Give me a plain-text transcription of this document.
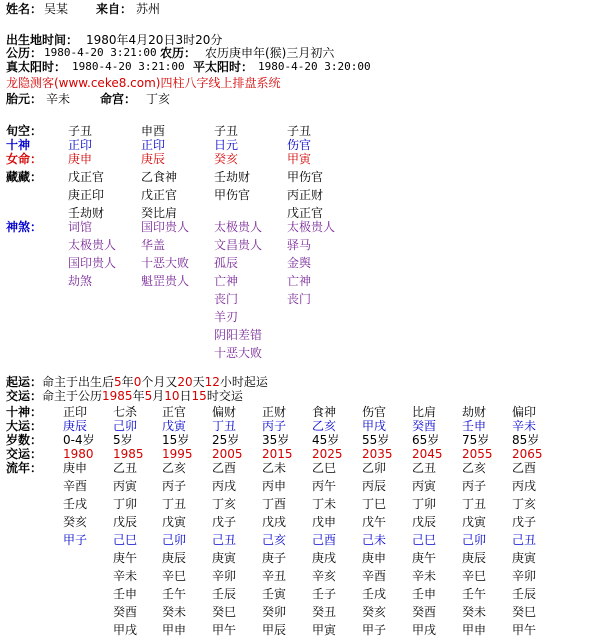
姓名： 吴某 来自： 苏州
出生地时间： 1980年4月20日3时20分
公历： 1980-4-20 3:21:00 农历： 农历庚申年(猴)三月初六
真太阳时： 1980-4-20 3:21:00 平太阳时： 1980-4-20 3:20:00
龙隐测客(www.ceke8.com)四柱八字线上排盘系统
胎元： 辛未 命宫： 丁亥
旬空：
十神
女命：
藏藏：
神煞：
子丑
正印
庚申
戊正官
庚正印
壬劫财
词馆
太极贵人
国印贵人
劫煞
申酉
正印
庚辰
乙食神
戊正官
癸比肩
国印贵人
华盖
十恶大败
魁罡贵人
子丑
日元
癸亥
壬劫财
甲伤官
太极贵人
文昌贵人
孤辰
亡神
丧门
羊刃
阴阳差错
十恶大败
子丑
伤官
甲寅
甲伤官
丙正财
戊正官
太极贵人
驿马
金舆
亡神
丧门
起运：命主于出生后5年0个月又20天12小时起运
交运：命主于公历1985年5月10日15时交运
十神：
大运：
岁数：
交运：
流年：
正印
庚辰
0-4岁
1980
庚申
辛酉
壬戌
癸亥
甲子
七杀
己卯
5岁
1985
乙丑
丙寅
丁卯
戊辰
己巳
庚午
辛未
壬申
癸酉
甲戌
正官
戊寅
15岁
1995
乙亥
丙子
丁丑
戊寅
己卯
庚辰
辛巳
壬午
癸未
甲申
偏财
丁丑
25岁
2005
乙酉
丙戌
丁亥
戊子
己丑
庚寅
辛卯
壬辰
癸巳
甲午
正财
丙子
35岁
2015
乙未
丙申
丁酉
戊戌
己亥
庚子
辛丑
壬寅
癸卯
甲辰
食神
乙亥
45岁
2025
乙巳
丙午
丁未
戊申
己酉
庚戌
辛亥
壬子
癸丑
甲寅
伤官
甲戌
55岁
2035
乙卯
丙辰
丁巳
戊午
己未
庚申
辛酉
壬戌
癸亥
甲子
比肩
癸酉
65岁
2045
乙丑
丙寅
丁卯
戊辰
己巳
庚午
辛未
壬申
癸酉
甲戌
劫财
壬申
75岁
2055
乙亥
丙子
丁丑
戊寅
己卯
庚辰
辛巳
壬午
癸未
甲申
偏印
辛未
85岁
2065
乙酉
丙戌
丁亥
戊子
己丑
庚寅
辛卯
壬辰
癸巳
甲午
